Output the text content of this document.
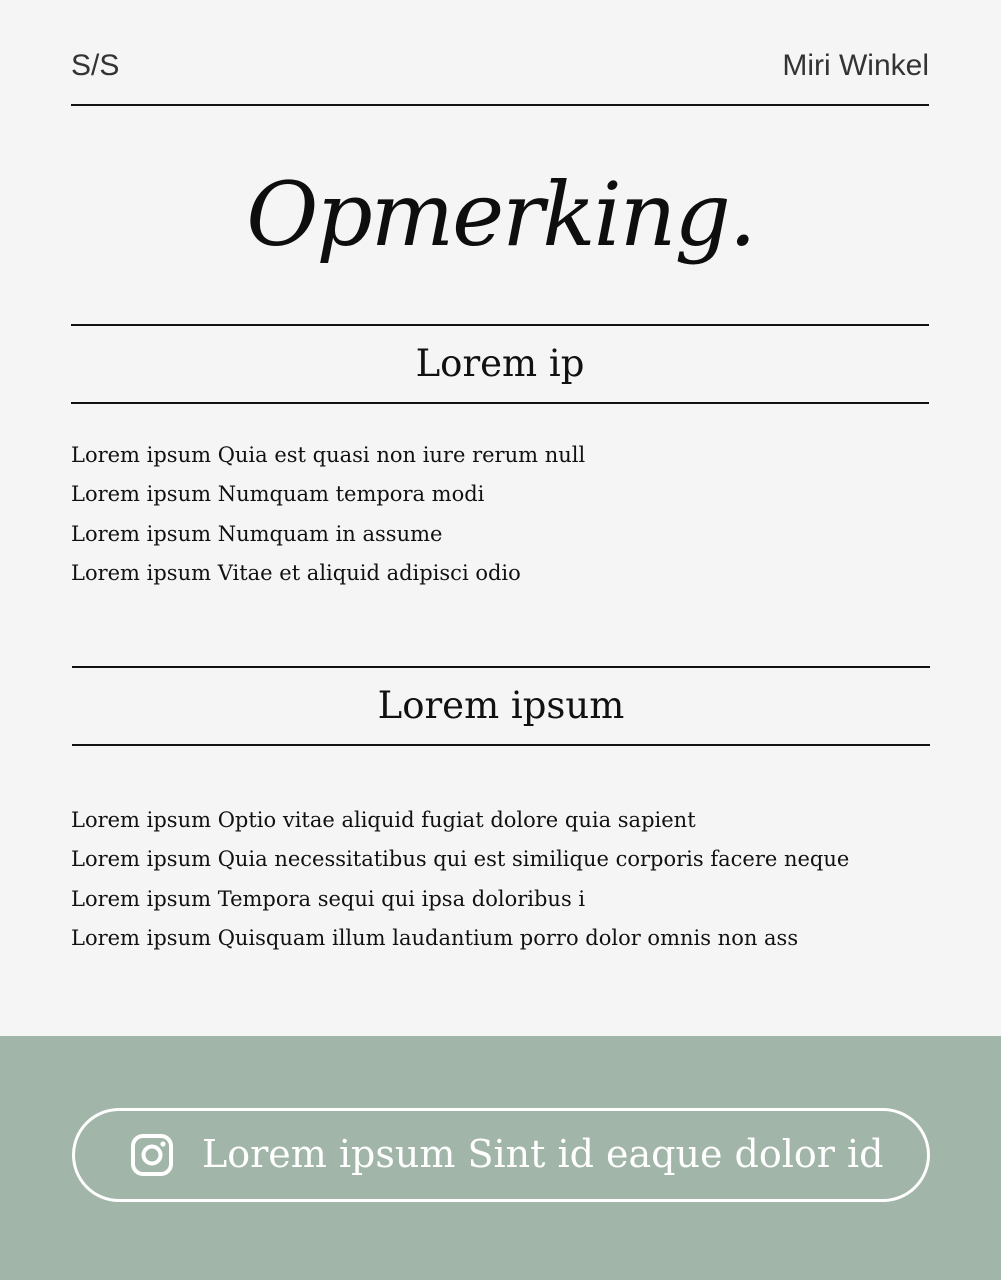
S/S	Miri Winkel
Opmerking.
Lorem ip
Lorem ipsum Quia est quasi non iure rerum null
Lorem ipsum Numquam tempora modi
Lorem ipsum Numquam in assume
Lorem ipsum Vitae et aliquid adipisci odio
Lorem ipsum
Lorem ipsum Optio vitae aliquid fugiat dolore quia sapient
Lorem ipsum Quia necessitatibus qui est similique corporis facere neque
Lorem ipsum Tempora sequi qui ipsa doloribus i
Lorem ipsum Quisquam illum laudantium porro dolor omnis non ass
Lorem ipsum Sint id eaque dolor id
